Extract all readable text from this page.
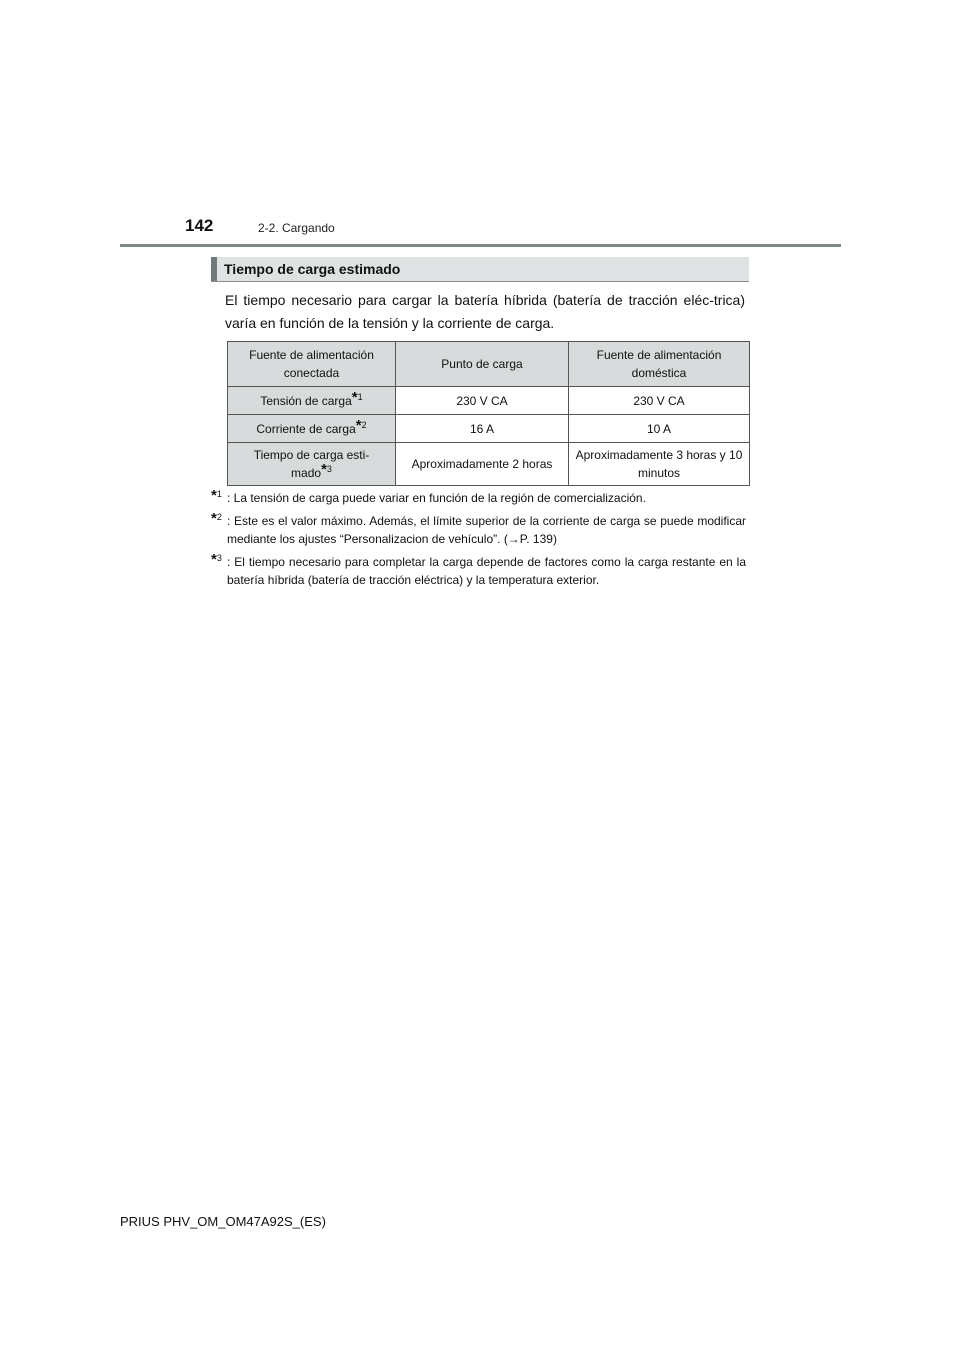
142	2-2. Cargando
Tiempo de carga estimado
El tiempo necesario para cargar la batería híbrida (batería de tracción eléc-trica) varía en función de la tensión y la corriente de carga.
Fuente de alimentación conectada	Punto de carga	Fuente de alimentación doméstica
Tensión de carga*$^1$	230 V CA	230 V CA
Corriente de carga*$^2$	16 A	10 A
Tiempo de carga esti-mado*$^3$	Aproximadamente 2 horas	Aproximadamente 3 horas y 10 minutos
*$^1$ : La tensión de carga puede variar en función de la región de comercialización.
*$^2$ : Este es el valor máximo. Además, el límite superior de la corriente de carga se puede modificar mediante los ajustes “Personalizacion de vehículo”. (→P. 139)
*$^3$ : El tiempo necesario para completar la carga depende de factores como la carga restante en la batería híbrida (batería de tracción eléctrica) y la temperatura exterior.
PRIUS PHV_OM_OM47A92S_(ES)
